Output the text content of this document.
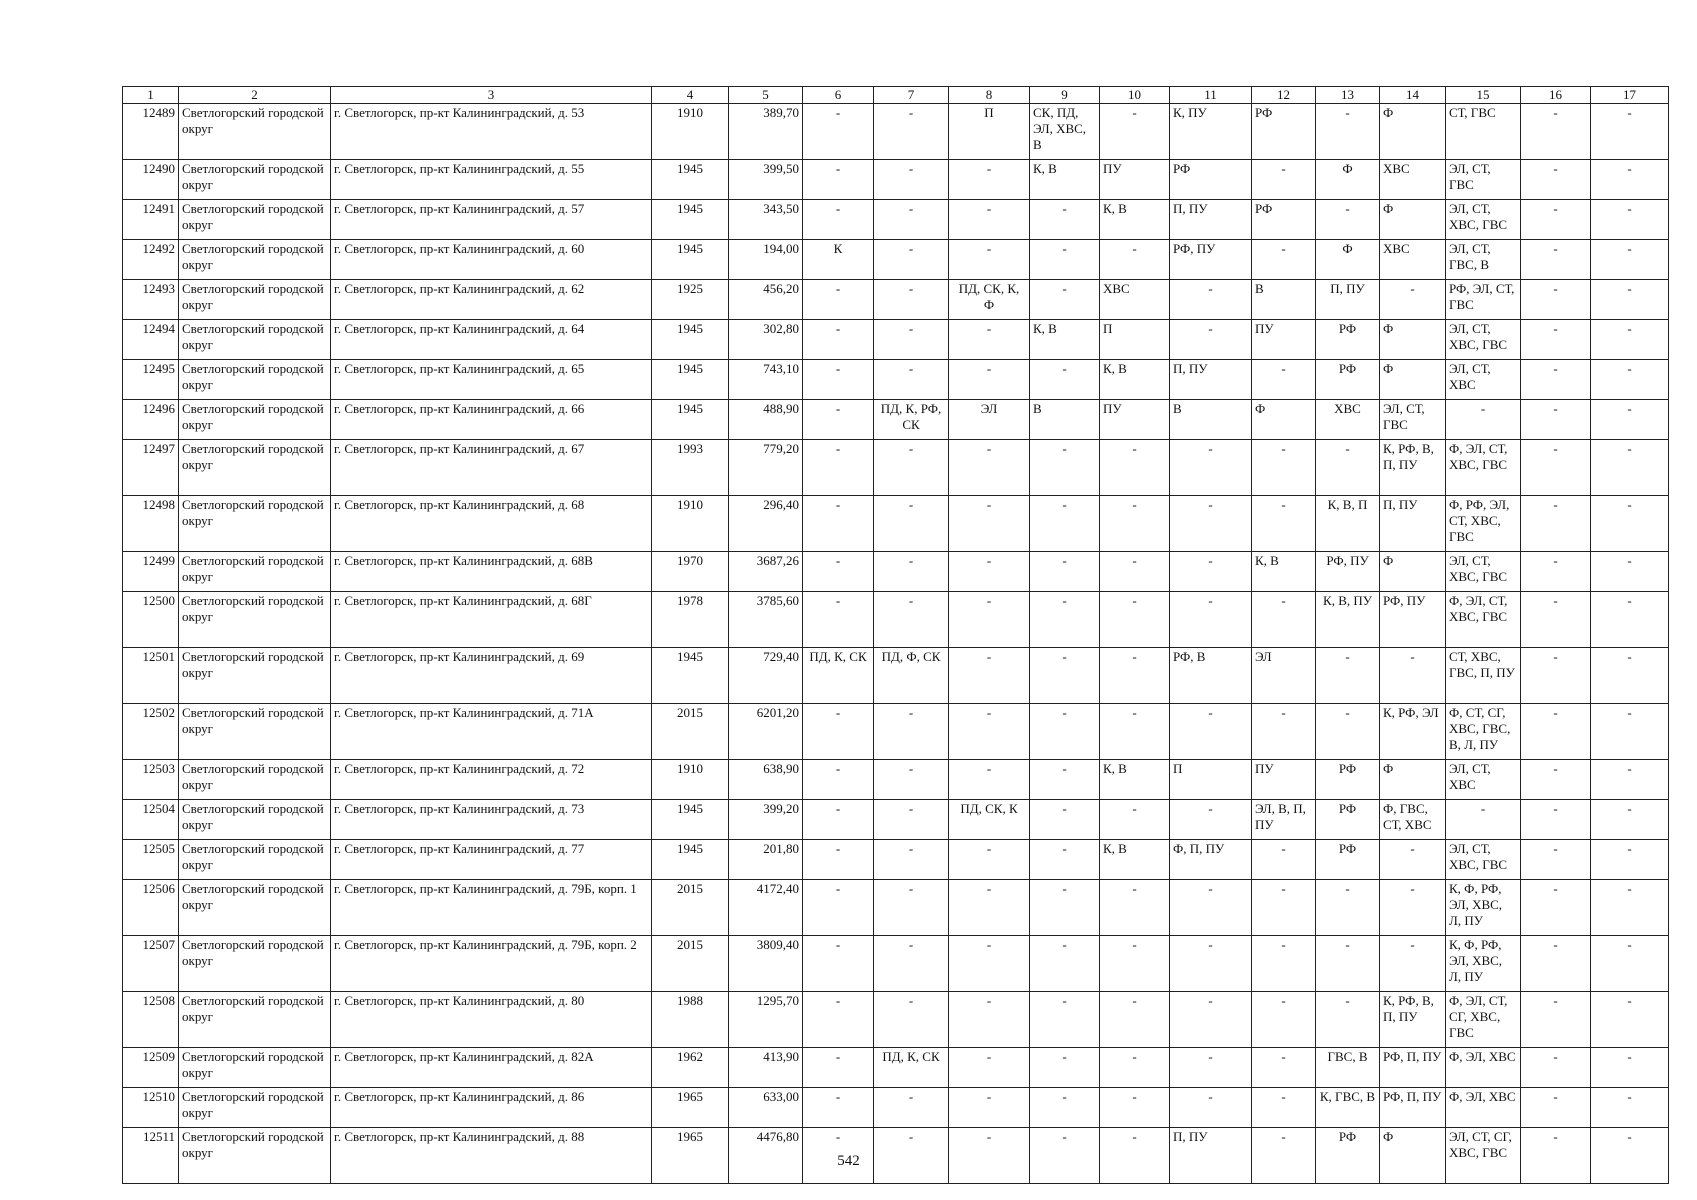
1	2	3	4	5	6	7	8	9	10	11	12	13	14	15	16	17
12489	Светлогорский городской округ	г. Светлогорск, пр-кт Калининградский, д. 53	1910	389,70	-	-	П	СК, ПД, ЭЛ, ХВС, В	-	К, ПУ	РФ	-	Ф	СТ, ГВС	-	-
12490	Светлогорский городской округ	г. Светлогорск, пр-кт Калининградский, д. 55	1945	399,50	-	-	-	К, В	ПУ	РФ	-	Ф	ХВС	ЭЛ, СТ, ГВС	-	-
12491	Светлогорский городской округ	г. Светлогорск, пр-кт Калининградский, д. 57	1945	343,50	-	-	-	-	К, В	П, ПУ	РФ	-	Ф	ЭЛ, СТ, ХВС, ГВС	-	-
12492	Светлогорский городской округ	г. Светлогорск, пр-кт Калининградский, д. 60	1945	194,00	К	-	-	-	-	РФ, ПУ	-	Ф	ХВС	ЭЛ, СТ, ГВС, В	-	-
12493	Светлогорский городской округ	г. Светлогорск, пр-кт Калининградский, д. 62	1925	456,20	-	-	ПД, СК, К, Ф	-	ХВС	-	В	П, ПУ	-	РФ, ЭЛ, СТ, ГВС	-	-
12494	Светлогорский городской округ	г. Светлогорск, пр-кт Калининградский, д. 64	1945	302,80	-	-	-	К, В	П	-	ПУ	РФ	Ф	ЭЛ, СТ, ХВС, ГВС	-	-
12495	Светлогорский городской округ	г. Светлогорск, пр-кт Калининградский, д. 65	1945	743,10	-	-	-	-	К, В	П, ПУ	-	РФ	Ф	ЭЛ, СТ, ХВС	-	-
12496	Светлогорский городской округ	г. Светлогорск, пр-кт Калининградский, д. 66	1945	488,90	-	ПД, К, РФ, СК	ЭЛ	В	ПУ	В	Ф	ХВС	ЭЛ, СТ, ГВС	-	-	-
12497	Светлогорский городской округ	г. Светлогорск, пр-кт Калининградский, д. 67	1993	779,20	-	-	-	-	-	-	-	-	К, РФ, В, П, ПУ	Ф, ЭЛ, СТ, ХВС, ГВС	-	-
12498	Светлогорский городской округ	г. Светлогорск, пр-кт Калининградский, д. 68	1910	296,40	-	-	-	-	-	-	-	К, В, П	П, ПУ	Ф, РФ, ЭЛ, СТ, ХВС, ГВС	-	-
12499	Светлогорский городской округ	г. Светлогорск, пр-кт Калининградский, д. 68В	1970	3687,26	-	-	-	-	-	-	К, В	РФ, ПУ	Ф	ЭЛ, СТ, ХВС, ГВС	-	-
12500	Светлогорский городской округ	г. Светлогорск, пр-кт Калининградский, д. 68Г	1978	3785,60	-	-	-	-	-	-	-	К, В, ПУ	РФ, ПУ	Ф, ЭЛ, СТ, ХВС, ГВС	-	-
12501	Светлогорский городской округ	г. Светлогорск, пр-кт Калининградский, д. 69	1945	729,40	ПД, К, СК	ПД, Ф, СК	-	-	-	РФ, В	ЭЛ	-	-	СТ, ХВС, ГВС, П, ПУ	-	-
12502	Светлогорский городской округ	г. Светлогорск, пр-кт Калининградский, д. 71А	2015	6201,20	-	-	-	-	-	-	-	-	К, РФ, ЭЛ	Ф, СТ, СГ, ХВС, ГВС, В, Л, ПУ	-	-
12503	Светлогорский городской округ	г. Светлогорск, пр-кт Калининградский, д. 72	1910	638,90	-	-	-	-	К, В	П	ПУ	РФ	Ф	ЭЛ, СТ, ХВС	-	-
12504	Светлогорский городской округ	г. Светлогорск, пр-кт Калининградский, д. 73	1945	399,20	-	-	ПД, СК, К	-	-	-	ЭЛ, В, П, ПУ	РФ	Ф, ГВС, СТ, ХВС	-	-	-
12505	Светлогорский городской округ	г. Светлогорск, пр-кт Калининградский, д. 77	1945	201,80	-	-	-	-	К, В	Ф, П, ПУ	-	РФ	-	ЭЛ, СТ, ХВС, ГВС	-	-
12506	Светлогорский городской округ	г. Светлогорск, пр-кт Калининградский, д. 79Б, корп. 1	2015	4172,40	-	-	-	-	-	-	-	-	-	К, Ф, РФ, ЭЛ, ХВС, Л, ПУ	-	-
12507	Светлогорский городской округ	г. Светлогорск, пр-кт Калининградский, д. 79Б, корп. 2	2015	3809,40	-	-	-	-	-	-	-	-	-	К, Ф, РФ, ЭЛ, ХВС, Л, ПУ	-	-
12508	Светлогорский городской округ	г. Светлогорск, пр-кт Калининградский, д. 80	1988	1295,70	-	-	-	-	-	-	-	-	К, РФ, В, П, ПУ	Ф, ЭЛ, СТ, СГ, ХВС, ГВС	-	-
12509	Светлогорский городской округ	г. Светлогорск, пр-кт Калининградский, д. 82А	1962	413,90	-	ПД, К, СК	-	-	-	-	-	ГВС, В	РФ, П, ПУ	Ф, ЭЛ, ХВС	-	-
12510	Светлогорский городской округ	г. Светлогорск, пр-кт Калининградский, д. 86	1965	633,00	-	-	-	-	-	-	-	К, ГВС, В	РФ, П, ПУ	Ф, ЭЛ, ХВС	-	-
12511	Светлогорский городской округ	г. Светлогорск, пр-кт Калининградский, д. 88	1965	4476,80	-	-	-	-	-	П, ПУ	-	РФ	Ф	ЭЛ, СТ, СГ, ХВС, ГВС	-	-
542
